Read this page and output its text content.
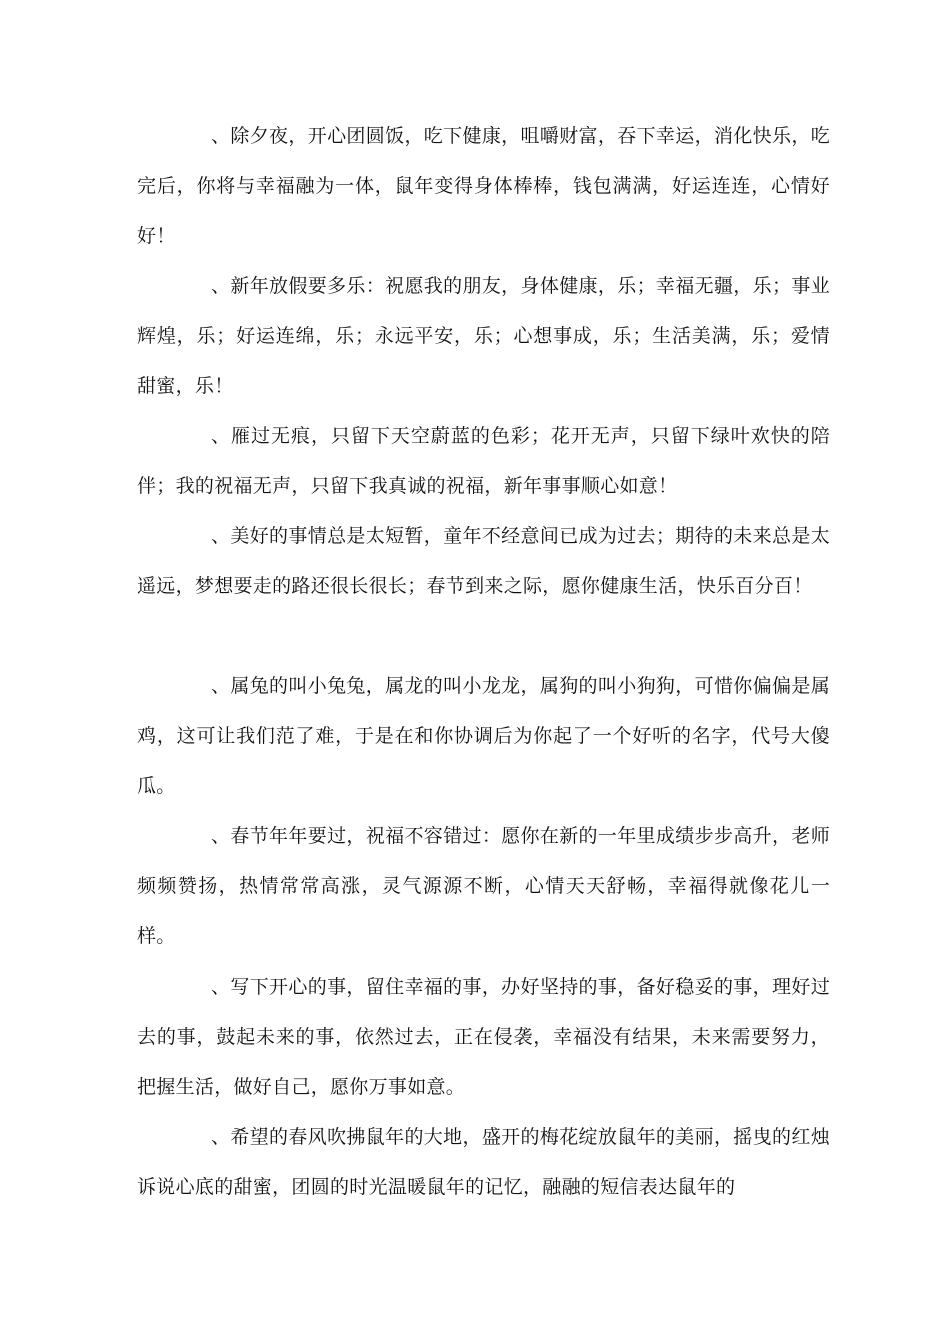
、除夕夜，开心团圆饭，吃下健康，咀嚼财富，吞下幸运，消化快乐，吃完后，你将与幸福融为一体，鼠年变得身体棒棒，钱包满满，好运连连，心情好好！

、新年放假要多乐：祝愿我的朋友，身体健康，乐；幸福无疆，乐；事业辉煌，乐；好运连绵，乐；永远平安，乐；心想事成，乐；生活美满，乐；爱情甜蜜，乐！

、雁过无痕，只留下天空蔚蓝的色彩；花开无声，只留下绿叶欢快的陪伴；我的祝福无声，只留下我真诚的祝福，新年事事顺心如意！

、美好的事情总是太短暂，童年不经意间已成为过去；期待的未来总是太遥远，梦想要走的路还很长很长；春节到来之际，愿你健康生活，快乐百分百！

、属兔的叫小兔兔，属龙的叫小龙龙，属狗的叫小狗狗，可惜你偏偏是属鸡，这可让我们范了难，于是在和你协调后为你起了一个好听的名字，代号大傻瓜。

、春节年年要过，祝福不容错过：愿你在新的一年里成绩步步高升，老师频频赞扬，热情常常高涨，灵气源源不断，心情天天舒畅，幸福得就像花儿一样。

、写下开心的事，留住幸福的事，办好坚持的事，备好稳妥的事，理好过去的事，鼓起未来的事，依然过去，正在侵袭，幸福没有结果，未来需要努力，把握生活，做好自己，愿你万事如意。

、希望的春风吹拂鼠年的大地，盛开的梅花绽放鼠年的美丽，摇曳的红烛诉说心底的甜蜜，团圆的时光温暖鼠年的记忆，融融的短信表达鼠年的
